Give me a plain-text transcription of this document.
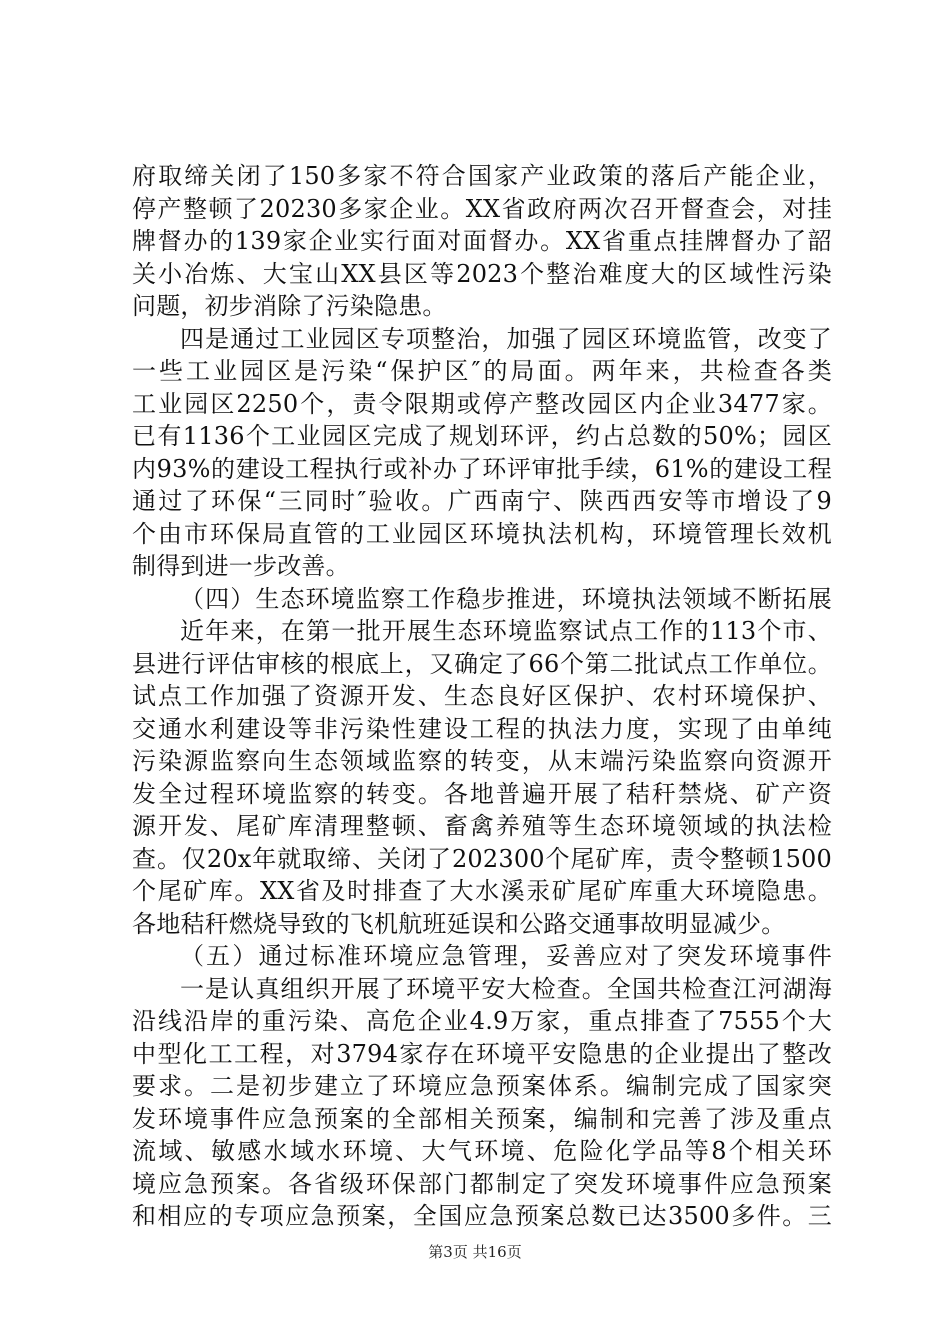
府取缔关闭了150多家不符合国家产业政策的落后产能企业，
停产整顿了20230多家企业。XX省政府两次召开督查会，对挂
牌督办的139家企业实行面对面督办。XX省重点挂牌督办了韶
关小冶炼、大宝山XX县区等2023个整治难度大的区域性污染
问题，初步消除了污染隐患。
四是通过工业园区专项整治，加强了园区环境监管，改变了
一些工业园区是污染“保护区″的局面。两年来，共检查各类
工业园区2250个，责令限期或停产整改园区内企业3477家。
已有1136个工业园区完成了规划环评，约占总数的50%；园区
内93%的建设工程执行或补办了环评审批手续，61%的建设工程
通过了环保“三同时″验收。广西南宁、陕西西安等市增设了9
个由市环保局直管的工业园区环境执法机构，环境管理长效机
制得到进一步改善。
（四）生态环境监察工作稳步推进，环境执法领域不断拓展
近年来，在第一批开展生态环境监察试点工作的113个市、
县进行评估审核的根底上，又确定了66个第二批试点工作单位。
试点工作加强了资源开发、生态良好区保护、农村环境保护、
交通水利建设等非污染性建设工程的执法力度，实现了由单纯
污染源监察向生态领域监察的转变，从末端污染监察向资源开
发全过程环境监察的转变。各地普遍开展了秸秆禁烧、矿产资
源开发、尾矿库清理整顿、畜禽养殖等生态环境领域的执法检
查。仅20x年就取缔、关闭了202300个尾矿库，责令整顿1500
个尾矿库。XX省及时排查了大水溪汞矿尾矿库重大环境隐患。
各地秸秆燃烧导致的飞机航班延误和公路交通事故明显减少。
（五）通过标准环境应急管理，妥善应对了突发环境事件
一是认真组织开展了环境平安大检查。全国共检查江河湖海
沿线沿岸的重污染、高危企业4.9万家，重点排查了7555个大
中型化工工程，对3794家存在环境平安隐患的企业提出了整改
要求。二是初步建立了环境应急预案体系。编制完成了国家突
发环境事件应急预案的全部相关预案，编制和完善了涉及重点
流域、敏感水域水环境、大气环境、危险化学品等8个相关环
境应急预案。各省级环保部门都制定了突发环境事件应急预案
和相应的专项应急预案，全国应急预案总数已达3500多件。三
第3页 共16页
